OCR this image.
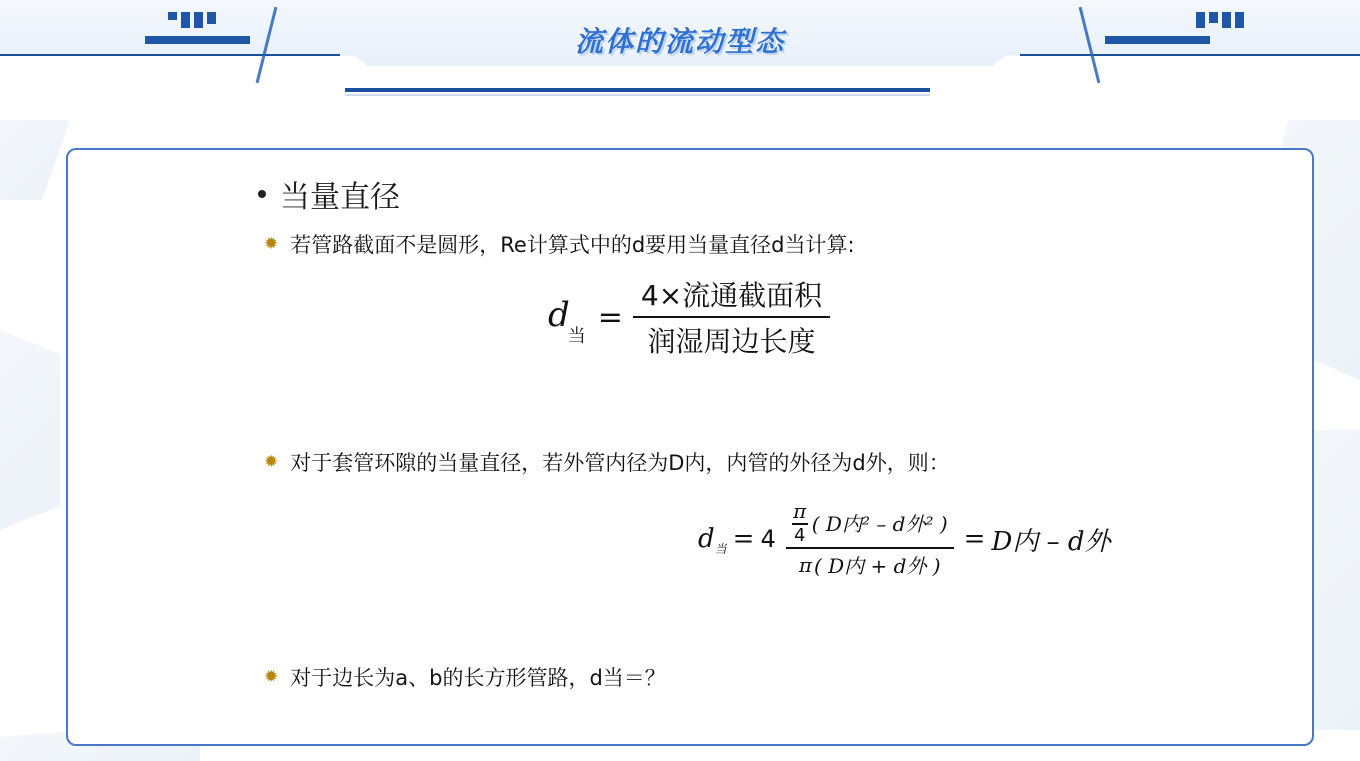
流体的流动型态
当量直径
✹ 若管路截面不是圆形，Re计算式中的d要用当量直径d当计算:
$d_当$
= $\frac{\text{4×流通截面积}}{\text{润湿周边长度}}$
✹ 对于套管环隙的当量直径，若外管内径为D内，内管的外径为d外，则：
$d_当 = 4$
π
4 ( D内² – d外² )
π ( D内 + d外 )
= D内 – d外
✹ 对于边长为a、b的长方形管路，d当＝？
